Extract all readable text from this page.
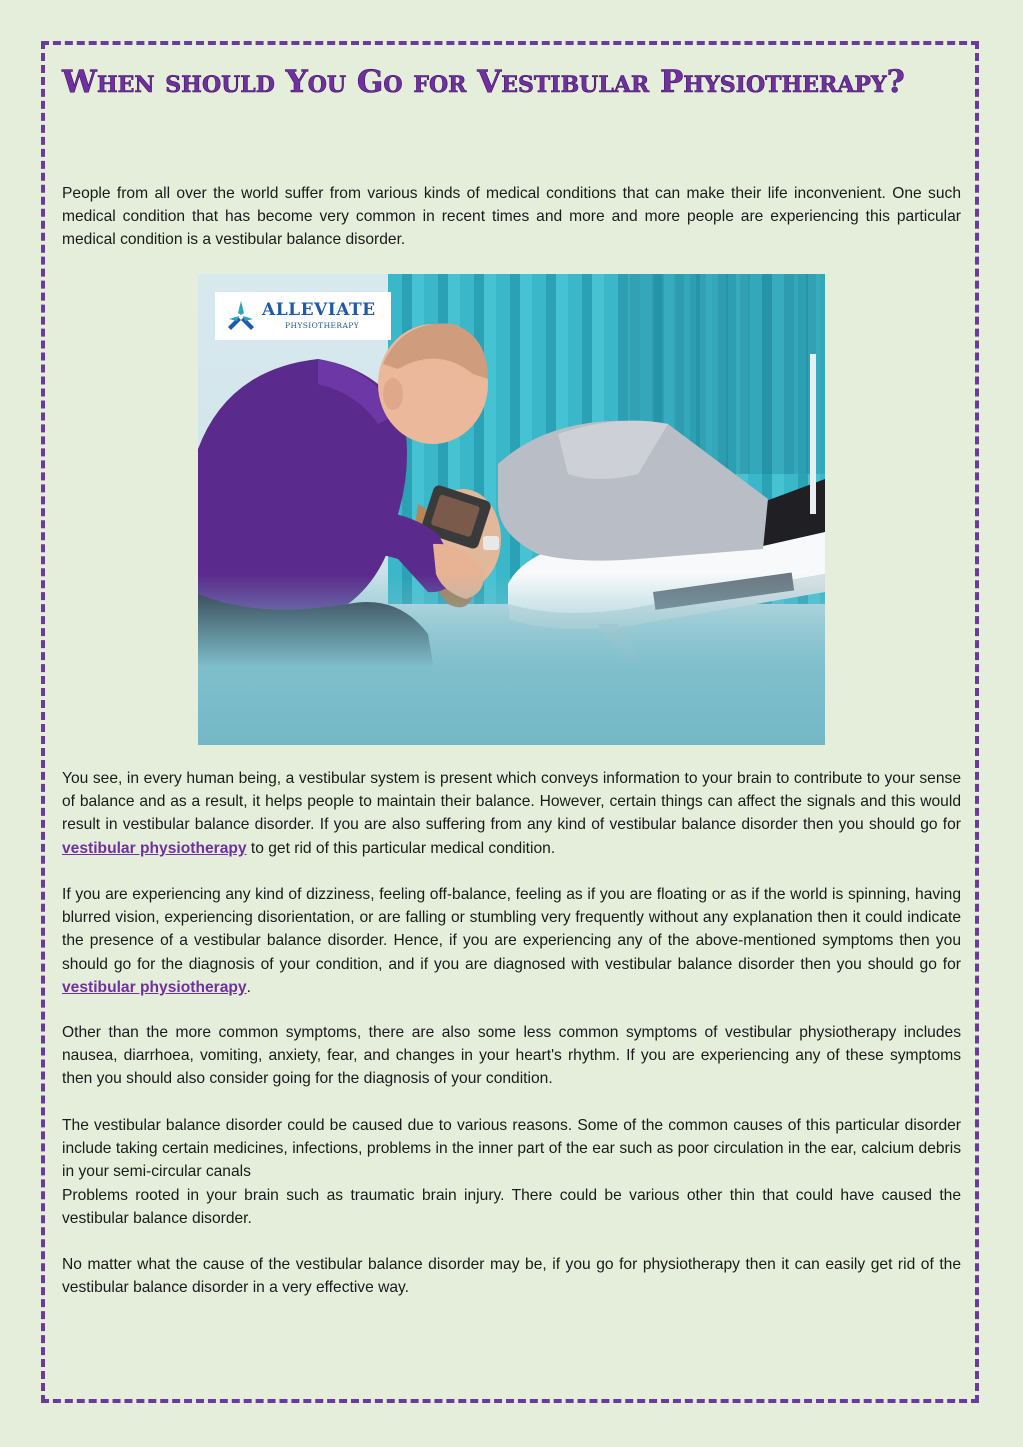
When should You Go for Vestibular Physiotherapy?

People from all over the world suffer from various kinds of medical conditions that can make their life inconvenient. One such medical condition that has become very common in recent times and more and more people are experiencing this particular medical condition is a vestibular balance disorder.

ALLEVIATE
PHYSIOTHERAPY

You see, in every human being, a vestibular system is present which conveys information to your brain to contribute to your sense of balance and as a result, it helps people to maintain their balance. However, certain things can affect the signals and this would result in vestibular balance disorder. If you are also suffering from any kind of vestibular balance disorder then you should go for vestibular physiotherapy to get rid of this particular medical condition.

If you are experiencing any kind of dizziness, feeling off-balance, feeling as if you are floating or as if the world is spinning, having blurred vision, experiencing disorientation, or are falling or stumbling very frequently without any explanation then it could indicate the presence of a vestibular balance disorder. Hence, if you are experiencing any of the above-mentioned symptoms then you should go for the diagnosis of your condition, and if you are diagnosed with vestibular balance disorder then you should go for vestibular physiotherapy.

Other than the more common symptoms, there are also some less common symptoms of vestibular physiotherapy includes nausea, diarrhoea, vomiting, anxiety, fear, and changes in your heart's rhythm. If you are experiencing any of these symptoms then you should also consider going for the diagnosis of your condition.

The vestibular balance disorder could be caused due to various reasons. Some of the common causes of this particular disorder include taking certain medicines, infections, problems in the inner part of the ear such as poor circulation in the ear, calcium debris in your semi-circular canals
Problems rooted in your brain such as traumatic brain injury. There could be various other thin that could have caused the vestibular balance disorder.

No matter what the cause of the vestibular balance disorder may be, if you go for physiotherapy then it can easily get rid of the vestibular balance disorder in a very effective way.
